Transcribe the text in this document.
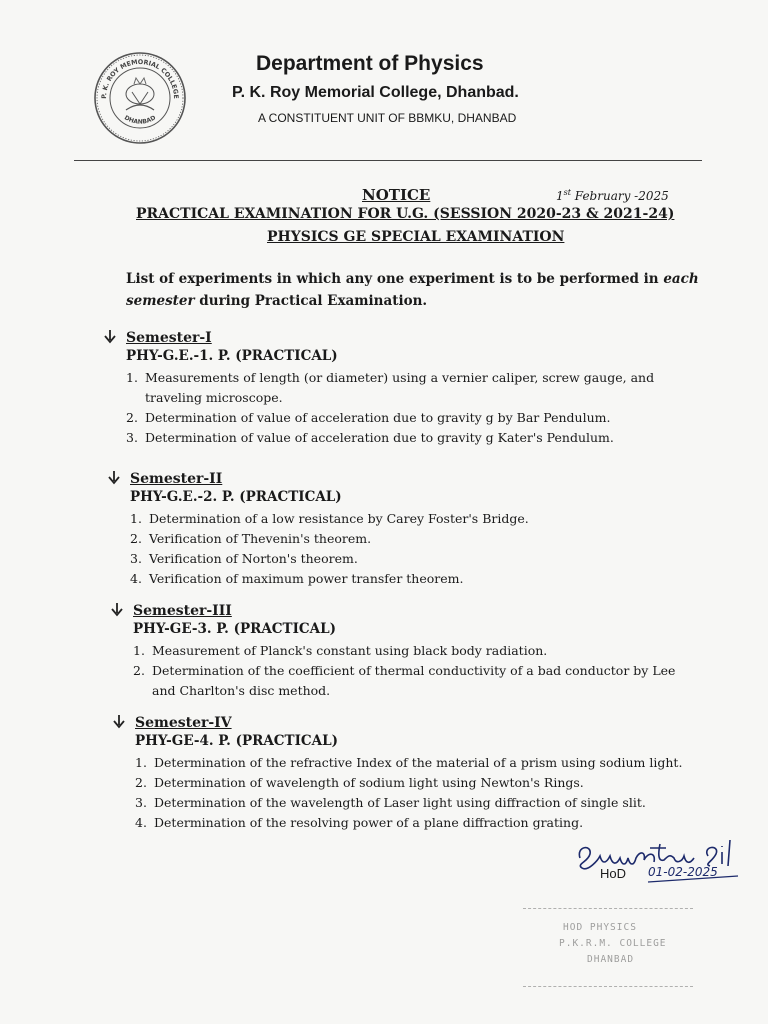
P. K. ROY MEMORIAL COLLEGE
DHANBAD
Department of Physics
P. K. Roy Memorial College, Dhanbad.
A CONSTITUENT UNIT OF BBMKU, DHANBAD
NOTICE	1st February -2025
PRACTICAL EXAMINATION FOR U.G. (SESSION 2020-23 & 2021-24)
PHYSICS GE SPECIAL EXAMINATION
List of experiments in which any one experiment is to be performed in each semester during Practical Examination.
Semester-I
PHY-G.E.-1. P. (PRACTICAL)
1. Measurements of length (or diameter) using a vernier caliper, screw gauge, and traveling microscope.
2. Determination of value of acceleration due to gravity g by Bar Pendulum.
3. Determination of value of acceleration due to gravity g Kater's Pendulum.
Semester-II
PHY-G.E.-2. P. (PRACTICAL)
1. Determination of a low resistance by Carey Foster's Bridge.
2. Verification of Thevenin's theorem.
3. Verification of Norton's theorem.
4. Verification of maximum power transfer theorem.
Semester-III
PHY-GE-3. P. (PRACTICAL)
1. Measurement of Planck's constant using black body radiation.
2. Determination of the coefficient of thermal conductivity of a bad conductor by Lee and Charlton's disc method.
Semester-IV
PHY-GE-4. P. (PRACTICAL)
1. Determination of the refractive Index of the material of a prism using sodium light.
2. Determination of wavelength of sodium light using Newton's Rings.
3. Determination of the wavelength of Laser light using diffraction of single slit.
4. Determination of the resolving power of a plane diffraction grating.
01-02-2025
HoD
HOD PHYSICS
P.K.R.M. COLLEGE
DHANBAD
